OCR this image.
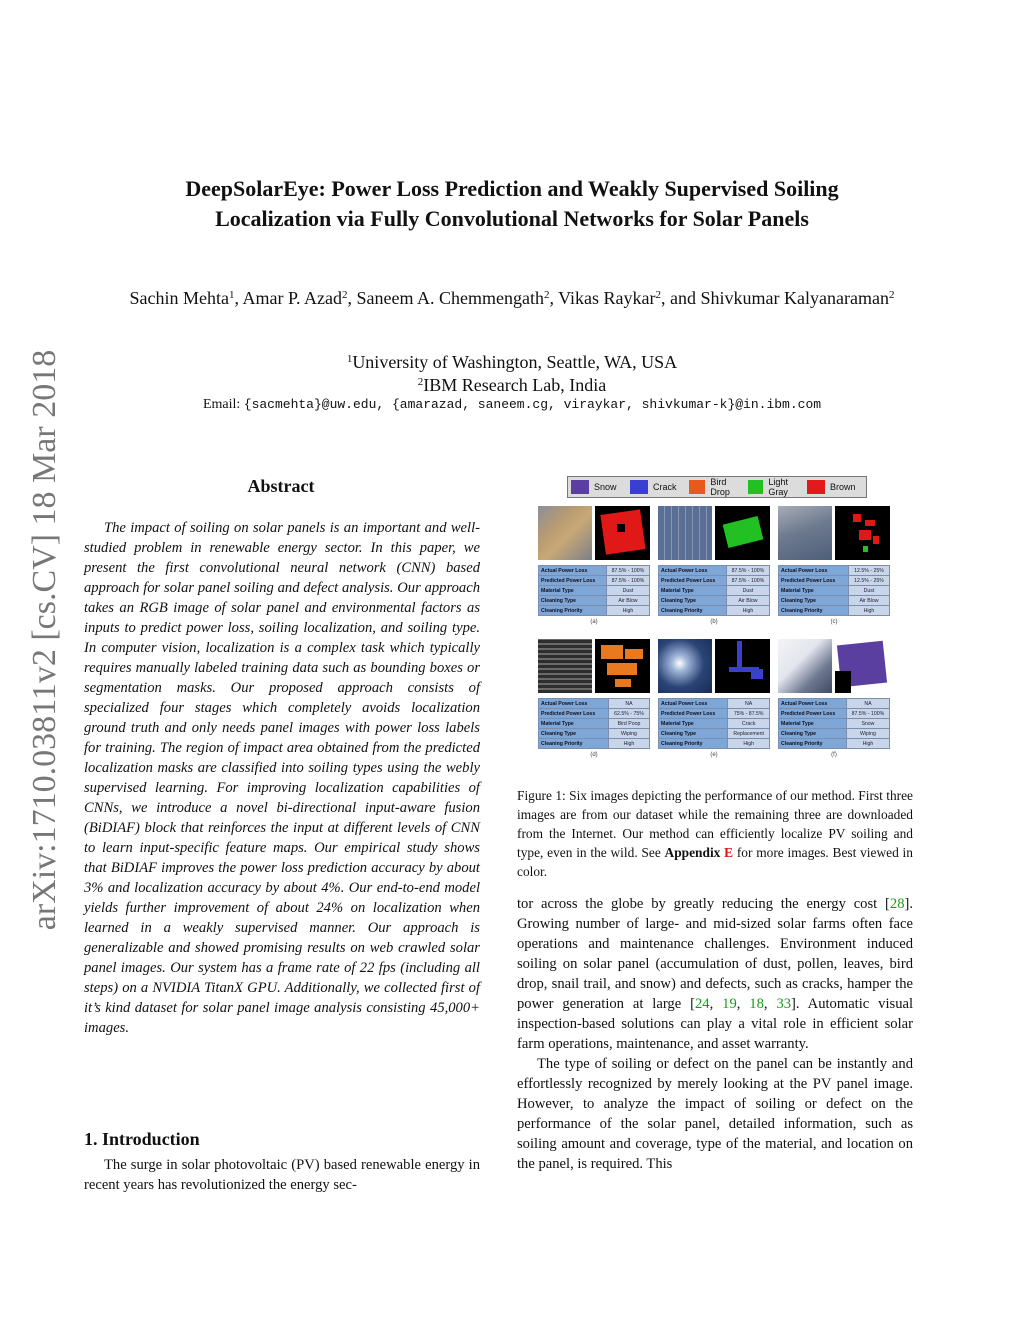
arXiv:1710.03811v2 [cs.CV] 18 Mar 2018
DeepSolarEye: Power Loss Prediction and Weakly Supervised Soiling
Localization via Fully Convolutional Networks for Solar Panels
Sachin Mehta$^1$, Amar P. Azad$^2$, Saneem A. Chemmengath$^2$, Vikas Raykar$^2$, and Shivkumar Kalyanaraman$^2$
$^1$University of Washington, Seattle, WA, USA
$^2$IBM Research Lab, India
Email: {sacmehta}@uw.edu, {amarazad, saneem.cg, viraykar, shivkumar-k}@in.ibm.com
Abstract

The impact of soiling on solar panels is an important and well-studied problem in renewable energy sector. In this paper, we present the first convolutional neural network (CNN) based approach for solar panel soiling and defect analysis. Our approach takes an RGB image of solar panel and environmental factors as inputs to predict power loss, soiling localization, and soiling type. In computer vision, localization is a complex task which typically requires manually labeled training data such as bounding boxes or segmentation masks. Our proposed approach consists of specialized four stages which completely avoids localization ground truth and only needs panel images with power loss labels for training. The region of impact area obtained from the predicted localization masks are classified into soiling types using the webly supervised learning. For improving localization capabilities of CNNs, we introduce a novel bi-directional input-aware fusion (BiDIAF) block that reinforces the input at different levels of CNN to learn input-specific feature maps. Our empirical study shows that BiDIAF improves the power loss prediction accuracy by about 3% and localization accuracy by about 4%. Our end-to-end model yields further improvement of about 24% on localization when learned in a weakly supervised manner. Our approach is generalizable and showed promising results on web crawled solar panel images. Our system has a frame rate of 22 fps (including all steps) on a NVIDIA TitanX GPU. Additionally, we collected first of it’s kind dataset for solar panel image analysis consisting 45,000+ images.

1. Introduction

The surge in solar photovoltaic (PV) based renewable energy in recent years has revolutionized the energy sec-

Snow	Crack	Bird Drop
Light Gray	Brown
Actual Power Loss	87.5% - 100%
Predicted Power Loss	87.5% - 100%
Material Type	Dust
Cleaning Type	Air Blow
Cleaning Priority	High
(a)
Actual Power Loss	87.5% - 100%
Predicted Power Loss	87.5% - 100%
Material Type	Dust
Cleaning Type	Air Blow
Cleaning Priority	High
(b)
Actual Power Loss	12.5% - 25%
Predicted Power Loss	12.5% - 25%
Material Type	Dust
Cleaning Type	Air Blow
Cleaning Priority	High
(c)
Actual Power Loss	NA
Predicted Power Loss	62.5% - 75%
Material Type	Bird Poop
Cleaning Type	Wiping
Cleaning Priority	High
(d)
Actual Power Loss	NA
Predicted Power Loss	75% - 87.5%
Material Type	Crack
Cleaning Type	Replacement
Cleaning Priority	High
(e)
Actual Power Loss	NA
Predicted Power Loss	87.5% - 100%
Material Type	Snow
Cleaning Type	Wiping
Cleaning Priority	High
(f)
Figure 1: Six images depicting the performance of our method. First three images are from our dataset while the remaining three are downloaded from the Internet. Our method can efficiently localize PV soiling and type, even in the wild. See Appendix E for more images. Best viewed in color.

tor across the globe by greatly reducing the energy cost [28]. Growing number of large- and mid-sized solar farms often face operations and maintenance challenges. Environment induced soiling on solar panel (accumulation of dust, pollen, leaves, bird drop, snail trail, and snow) and defects, such as cracks, hamper the power generation at large [24, 19, 18, 33]. Automatic visual inspection-based solutions can play a vital role in efficient solar farm operations, maintenance, and asset warranty.

The type of soiling or defect on the panel can be instantly and effortlessly recognized by merely looking at the PV panel image. However, to analyze the impact of soiling or defect on the performance of the solar panel, detailed information, such as soiling amount and coverage, type of the material, and location on the panel, is required. This
